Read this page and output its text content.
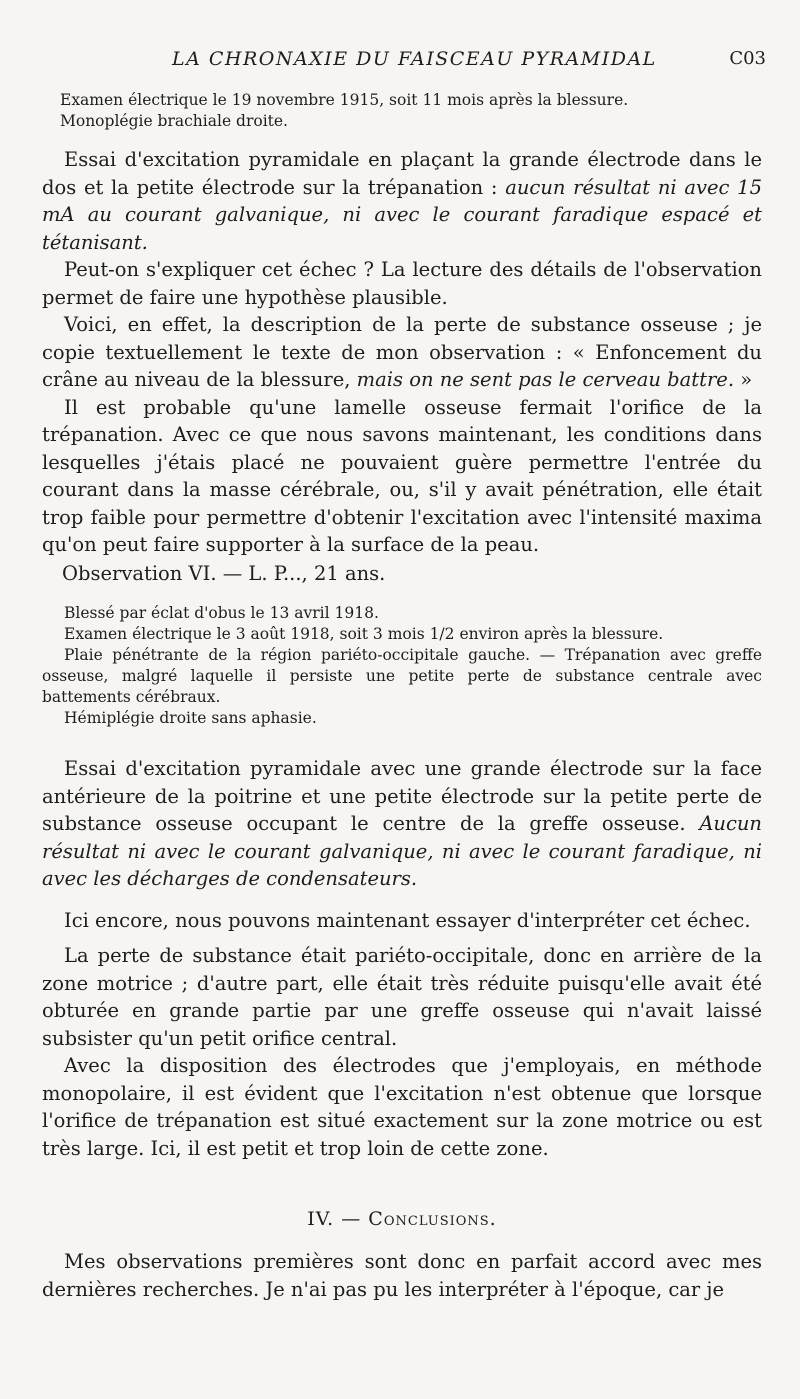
LA CHRONAXIE DU FAISCEAU PYRAMIDAL	C03

Examen électrique le 19 novembre 1915, soit 11 mois après la blessure.

Monoplégie brachiale droite.

Essai d'excitation pyramidale en plaçant la grande électrode dans le dos et la petite électrode sur la trépanation : aucun résultat ni avec 15 mA au courant galvanique, ni avec le courant faradique espacé et tétanisant.

Peut-on s'expliquer cet échec ? La lecture des détails de l'observation permet de faire une hypothèse plausible.

Voici, en effet, la description de la perte de substance osseuse ; je copie textuellement le texte de mon observation : « Enfoncement du crâne au niveau de la blessure, mais on ne sent pas le cerveau battre. »

Il est probable qu'une lamelle osseuse fermait l'orifice de la trépanation. Avec ce que nous savons maintenant, les conditions dans lesquelles j'étais placé ne pouvaient guère permettre l'entrée du courant dans la masse cérébrale, ou, s'il y avait pénétration, elle était trop faible pour permettre d'obtenir l'excitation avec l'intensité maxima qu'on peut faire supporter à la surface de la peau.

Observation VI. — L. P..., 21 ans.

Blessé par éclat d'obus le 13 avril 1918.

Examen électrique le 3 août 1918, soit 3 mois 1/2 environ après la blessure.

Plaie pénétrante de la région pariéto-occipitale gauche. — Trépanation avec greffe osseuse, malgré laquelle il persiste une petite perte de substance centrale avec battements cérébraux.

Hémiplégie droite sans aphasie.

Essai d'excitation pyramidale avec une grande électrode sur la face antérieure de la poitrine et une petite électrode sur la petite perte de substance osseuse occupant le centre de la greffe osseuse. Aucun résultat ni avec le courant galvanique, ni avec le courant faradique, ni avec les décharges de condensateurs.

Ici encore, nous pouvons maintenant essayer d'interpréter cet échec.

La perte de substance était pariéto-occipitale, donc en arrière de la zone motrice ; d'autre part, elle était très réduite puisqu'elle avait été obturée en grande partie par une greffe osseuse qui n'avait laissé subsister qu'un petit orifice central.

Avec la disposition des électrodes que j'employais, en méthode monopolaire, il est évident que l'excitation n'est obtenue que lorsque l'orifice de trépanation est situé exactement sur la zone motrice ou est très large. Ici, il est petit et trop loin de cette zone.

IV. — Conclusions.

Mes observations premières sont donc en parfait accord avec mes dernières recherches. Je n'ai pas pu les interpréter à l'époque, car je
